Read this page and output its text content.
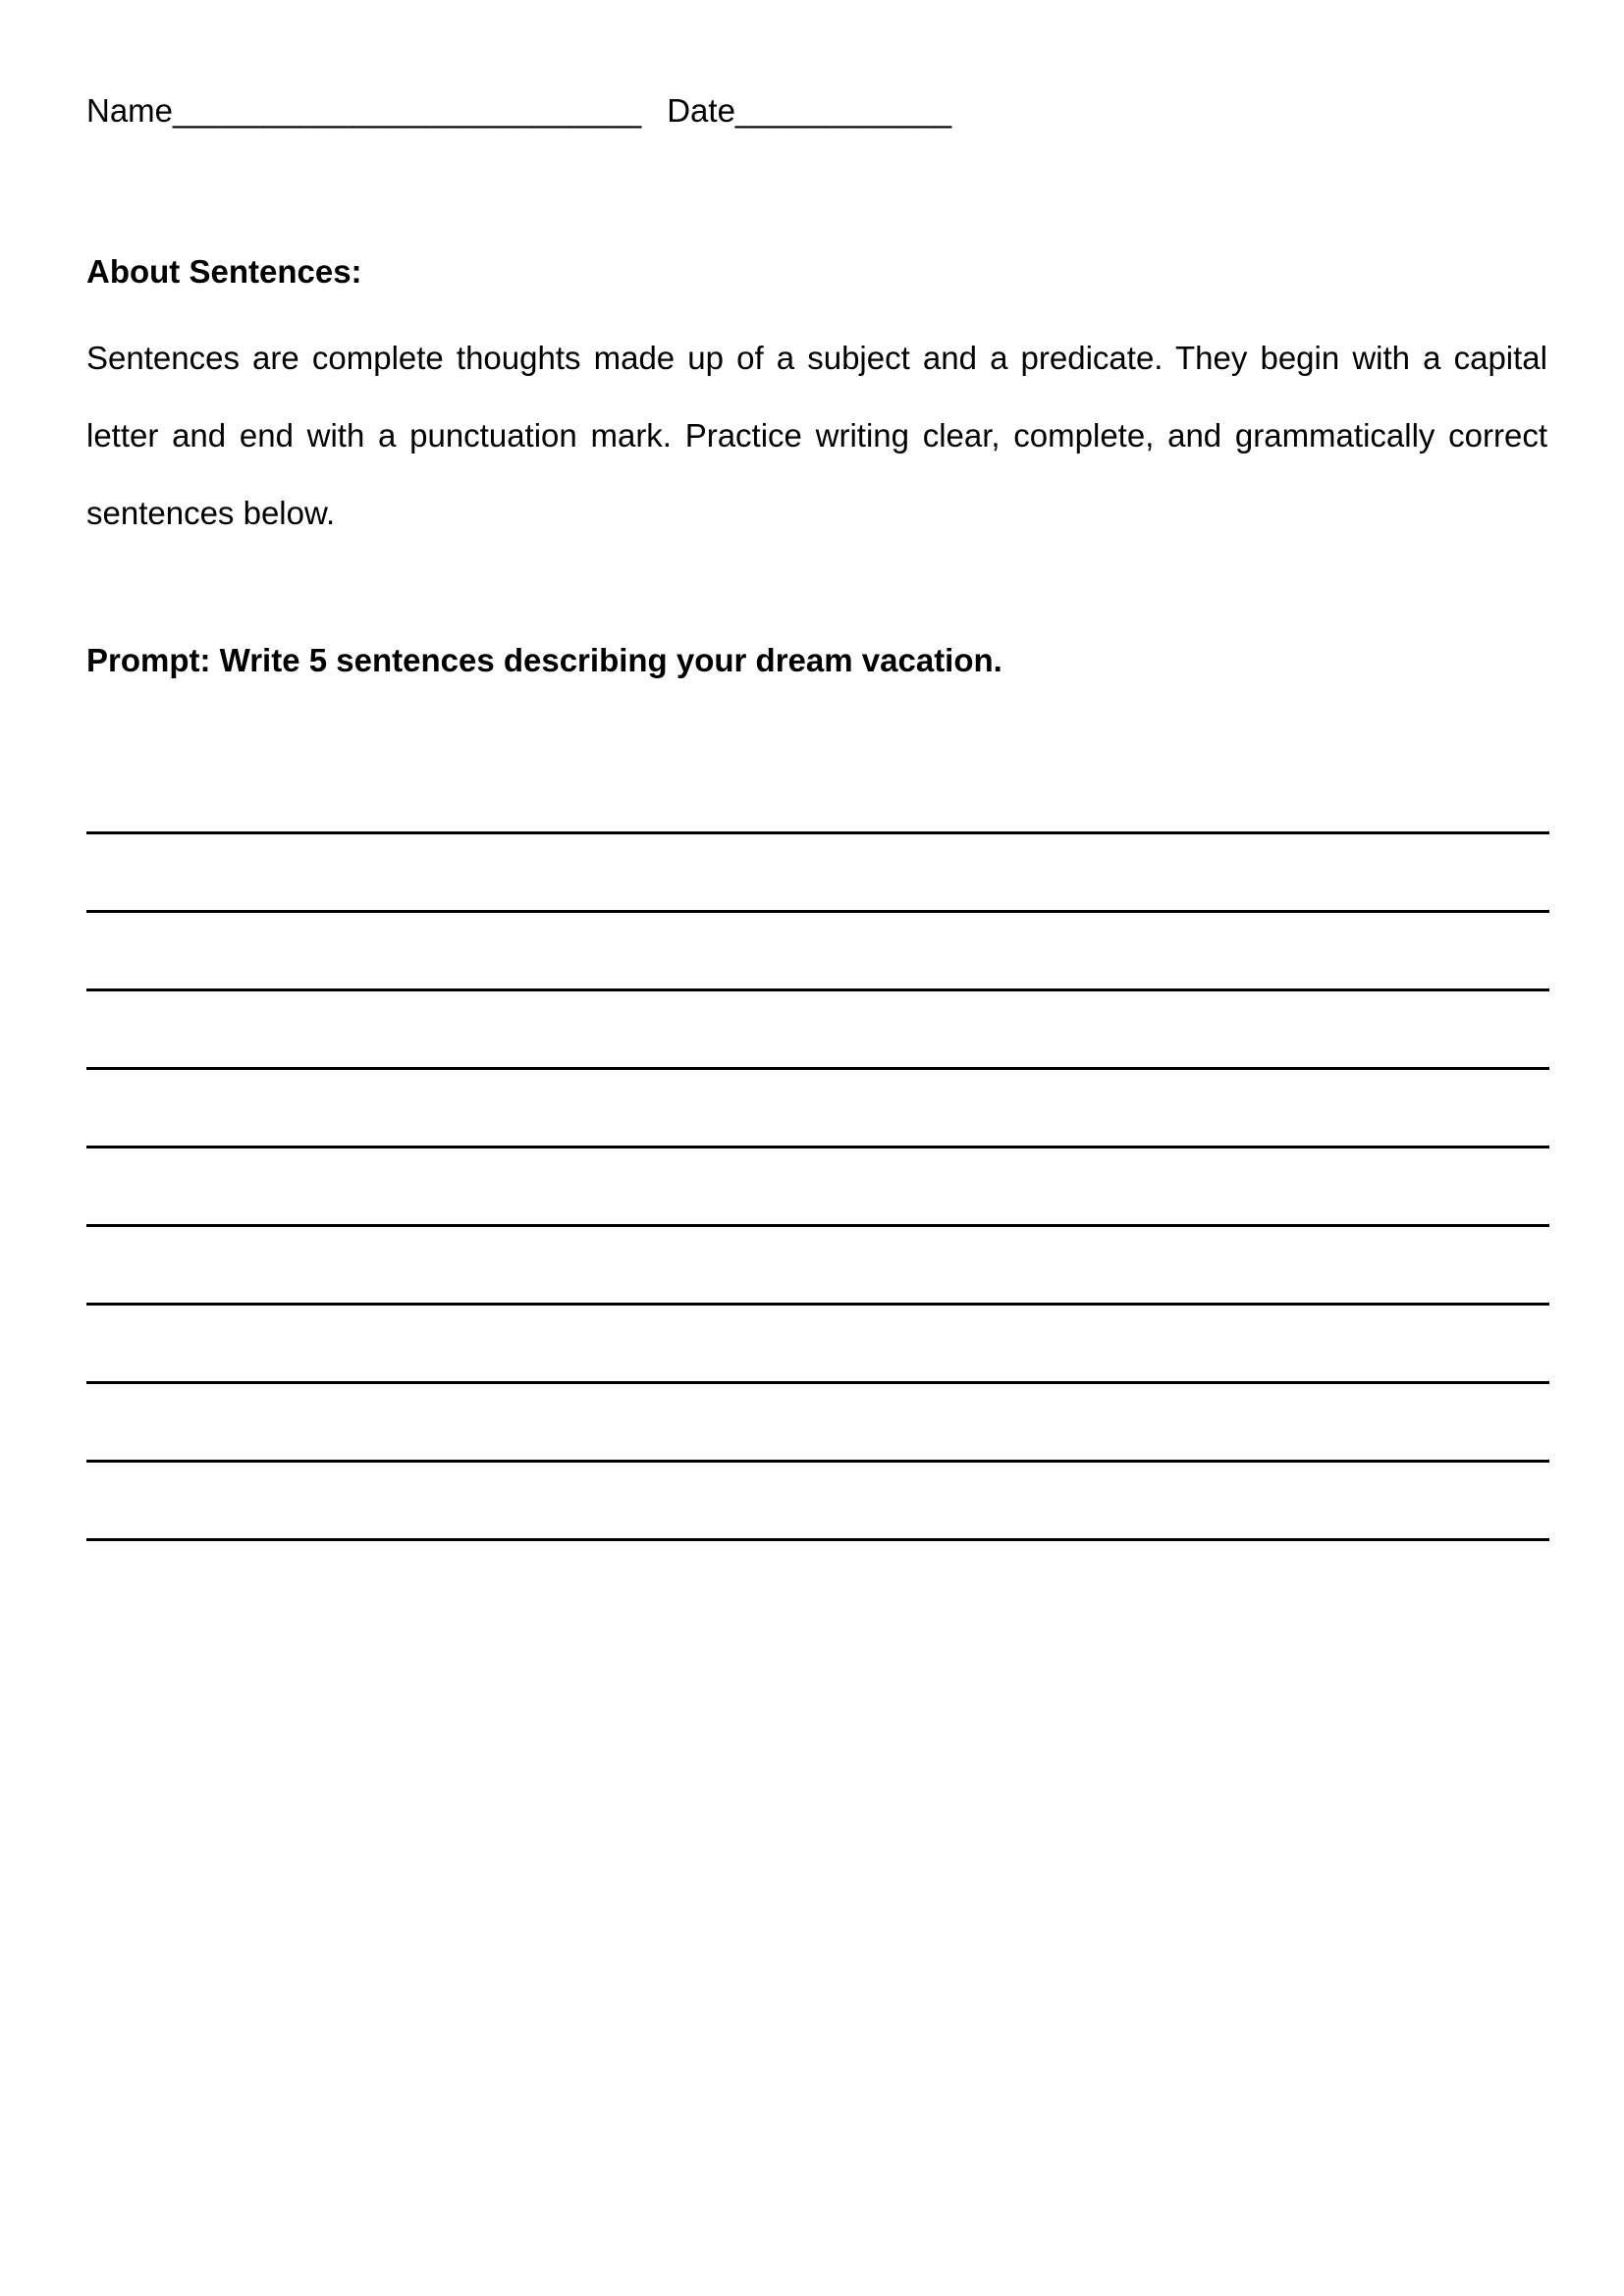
Name__________________________ Date____________
About Sentences:
Sentences are complete thoughts made up of a subject and a predicate. They begin with a capital letter and end with a punctuation mark. Practice writing clear, complete, and grammatically correct sentences below.
Prompt: Write 5 sentences describing your dream vacation.
